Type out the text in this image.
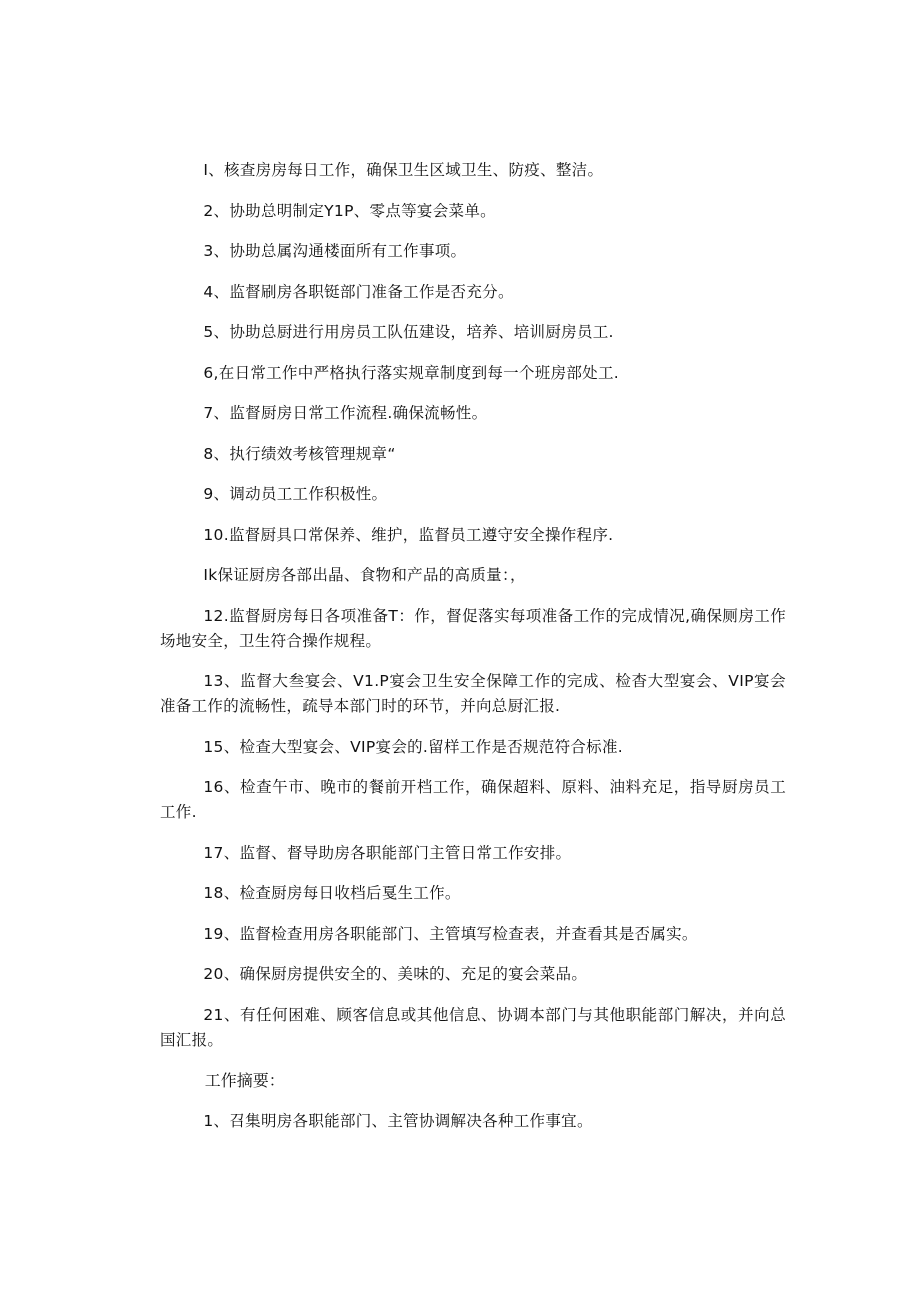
I、核查房房每日工作，确保卫生区域卫生、防疫、整洁。

2、协助总明制定Y1P、零点等宴会菜单。

3、协助总属沟通楼面所有工作事项。

4、监督刷房各职铤部门准备工作是否充分。

5、协助总厨进行用房员工队伍建设，培养、培训厨房员工.

6,在日常工作中严格执行落实规章制度到每一个班房部处工.

7、监督厨房日常工作流程.确保流畅性。

8、执行绩效考核管理规章“

9、调动员工工作积极性。

10.监督厨具口常保养、维护，监督员工遵守安全操作程序.

Ik保证厨房各部出晶、食物和产品的高质量：，

12.监督厨房每日各项准备T：作，督促落实每项准备工作的完成情况,确保厕房工作场地安全，卫生符合操作规程。

13、监督大叁宴会、V1.P宴会卫生安全保障工作的完成、检杳大型宴会、VIP宴会准备工作的流畅性，疏导本部门时的环节，并向总厨汇报.

15、检查大型宴会、VIP宴会的.留样工作是否规范符合标准.

16、检查午市、晚市的餐前开档工作，确保超料、原料、油料充足，指导厨房员工工作.

17、监督、督导助房各职能部门主管日常工作安排。

18、检查厨房每日收档后戛生工作。

19、监督检查用房各职能部门、主管填写检查表，并查看其是否属实。

20、确保厨房提供安全的、美味的、充足的宴会菜品。

21、有任何困难、顾客信息或其他信息、协调本部门与其他职能部门解决，并向总国汇报。

工作摘要：

1、召集明房各职能部门、主管协调解决各种工作事宜。
